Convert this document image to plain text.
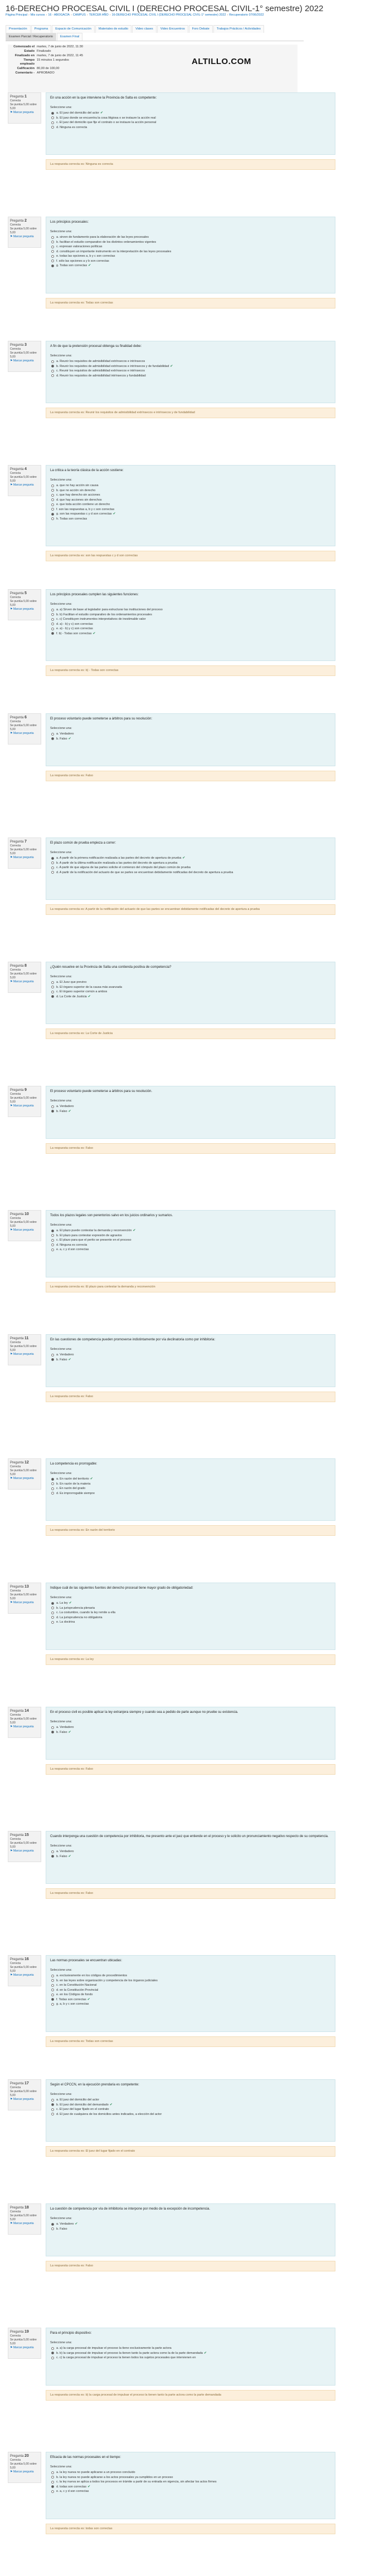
16-DERECHO PROCESAL CIVIL I (DERECHO PROCESAL CIVIL-1° semestre) 2022
Página Principal › Mis cursos › 16 - ABOGACÍA › CAMPUS › TERCER AÑO › 16-DERECHO PROCESAL CIVIL I (DERECHO PROCESAL CIVIL-1° semestre) 2022 › Recuperatorio 07/06/2022
Presentación	Programa	Espacio de Comunicación	Materiales de estudio	Video clases	Video Encuentros	Foro Debate	Trabajos Prácticos / Actividades
Examen Parcial / Recuperatorio	Examen Final
Comenzado el	martes, 7 de junio de 2022, 11:30
Estado	Finalizado
Finalizado en	martes, 7 de junio de 2022, 11:45
Tiempo empleado	15 minutos 1 segundos
Calificación	80,00 de 100,00
Comentario -	APROBADO
ALTILLO.COM
Pregunta 1
Correcta
Se puntúa 5,00 sobre 5,00
⚑ Marcar pregunta
En una acción en la que interviene la Provincia de Salta es competente:
Seleccione una:
a. El juez del domicilio del actor ✔
b. El juez donde se encuentra la cosa litigiosa o se instaure la acción real
c. El juez del domicilio que fije el contrato o se instaure la acción personal
d. Ninguna es correcta
La respuesta correcta es: Ninguna es correcta
Pregunta 2
Correcta
Se puntúa 5,00 sobre 5,00
⚑ Marcar pregunta
Los principios procesales:
Seleccione una:
a. sirven de fundamento para la elaboración de las leyes procesales
b. facilitan el estudio comparativo de los distintos ordenamientos vigentes
c. expresan valoraciones políticas
d. constituyen un importante instrumento en la interpretación de las leyes procesales
e. todas las opciones a, b y c son correctas
f. sólo las opciones a y b son correctas
g. Todas son correctas ✔
La respuesta correcta es: Todas son correctas
Pregunta 3
Correcta
Se puntúa 5,00 sobre 5,00
⚑ Marcar pregunta
A fin de que la pretensión procesal obtenga su finalidad debe:
Seleccione una:
a. Reunir los requisitos de admisibilidad extrínsecos e intrínsecos
b. Reunir los requisitos de admisibilidad extrínsecos e intrínsecos y de fundabilidad ✔
c. Reunir los requisitos de admisibilidad extrínsecos e intrínsecos
d. Reunir los requisitos de admisibilidad intrínsecos y fundabilidad
La respuesta correcta es: Reunir los requisitos de admisibilidad extrínsecos e intrínsecos y de fundabilidad
Pregunta 4
Correcta
Se puntúa 5,00 sobre 5,00
⚑ Marcar pregunta
La critica a la teoría clásica de la acción sostiene:
Seleccione una:
a. que no hay acción sin causa
b. que no acción sin derecho
c. que hay derecho sin acciones
d. que hay acciones sin derechos
e. que toda acción contiene un derecho
f. son las respuestas a, b y c son correctas
g. son las respuestas c y d son correctas ✔
h. Todas son correctas
La respuesta correcta es: son las respuestas c y d son correctas
Pregunta 5
Correcta
Se puntúa 5,00 sobre 5,00
⚑ Marcar pregunta
Los principios procesales cumplen las siguientes funciones:
Seleccione una:
a. a) Sirven de base al legislador para estructurar las instituciones del proceso
b. b) Facilitan el estudio comparativo de los ordenamientos procesales
c. c) Constituyen instrumentos interpretativos de inestimable valor
d. a) - b) y c) son correctas
e. a) - b) y c) son correctas
f. b) - Todas son correctas ✔
La respuesta correcta es: b) - Todas son correctas
Pregunta 6
Correcta
Se puntúa 5,00 sobre 5,00
⚑ Marcar pregunta
El proceso voluntario puede someterse a árbitros para su resolución:
Seleccione una:
a. Verdadero
b. Falso ✔
La respuesta correcta es: Falso
Pregunta 7
Correcta
Se puntúa 5,00 sobre 5,00
⚑ Marcar pregunta
El plazo común de prueba empieza a correr:
Seleccione una:
a. A partir de la primera notificación realizada a las partes del decreto de apertura de prueba ✔
b. A partir de la última notificación realizada a las partes del decreto de apertura a prueba
c. A partir de que alguna de las partes solicite el comienzo del cómputo del plazo común de prueba
d. A partir de la notificación del actuario de que se partes se encuentran debidamente notificadas del decreto de apertura a prueba
La respuesta correcta es: A partir de la notificación del actuario de que las partes se encuentran debidamente notificadas del decreto de apertura a prueba
Pregunta 8
Correcta
Se puntúa 5,00 sobre 5,00
⚑ Marcar pregunta
¿Quién resuelve en la Provincia de Salta una contienda positiva de competencia?
Seleccione una:
a. El Juez que previno
b. El órgano superior de la causa más avanzada
c. El órgano superior común a ambos
d. La Corte de Justicia ✔
La respuesta correcta es: La Corte de Justicia
Pregunta 9
Correcta
Se puntúa 5,00 sobre 5,00
⚑ Marcar pregunta
El proceso voluntario puede someterse a árbitros para su resolución.
Seleccione una:
a. Verdadero
b. Falso ✔
La respuesta correcta es: Falso
Pregunta 10
Correcta
Se puntúa 5,00 sobre 5,00
⚑ Marcar pregunta
Todos los plazos legales son perentorios salvo en los juicios ordinarios y sumarios.
Seleccione una:
a. El plazo puede contestar la demanda y reconvención ✔
b. El plazo para contestar expresión de agravios
c. El plazo para que el perito se presente en el proceso
d. Ninguna es correcta
e. a, c y d son correctas
La respuesta correcta es: El plazo para contestar la demanda y reconvención
Pregunta 11
Correcta
Se puntúa 5,00 sobre 5,00
⚑ Marcar pregunta
En las cuestiones de competencia pueden promoverse indistintamente por vía declinatoria como por inhibitoria:
Seleccione una:
a. Verdadero
b. Falso ✔
La respuesta correcta es: Falso
Pregunta 12
Correcta
Se puntúa 5,00 sobre 5,00
⚑ Marcar pregunta
La competencia es prorrogable:
Seleccione una:
a. En razón del territorio ✔
b. En razón de la materia
c. En razón del grado
d. Es improrrogable siempre
La respuesta correcta es: En razón del territorio
Pregunta 13
Correcta
Se puntúa 5,00 sobre 5,00
⚑ Marcar pregunta
Indique cuál de las siguientes fuentes del derecho procesal tiene mayor grado de obligatoriedad:
Seleccione una:
a. La ley ✔
b. La jurisprudencia plenaria
c. La costumbre, cuando la ley remite a ella
d. La jurisprudencia no obligatoria
e. La doctrina
La respuesta correcta es: La ley
Pregunta 14
Correcta
Se puntúa 5,00 sobre 5,00
⚑ Marcar pregunta
En el proceso civil es posible aplicar la ley extranjera siempre y cuando sea a pedido de parte aunque no pruebe su existencia.
Seleccione una:
a. Verdadero
b. Falso ✔
La respuesta correcta es: Falso
Pregunta 15
Correcta
Se puntúa 5,00 sobre 5,00
⚑ Marcar pregunta
Cuando interponga una cuestión de competencia por inhibitoria, me presento ante el juez que entiende en el proceso y le solicito un pronunciamiento negativo respecto de su competencia.
Seleccione una:
a. Verdadero
b. Falso ✔
La respuesta correcta es: Falso
Pregunta 16
Correcta
Se puntúa 5,00 sobre 5,00
⚑ Marcar pregunta
Las normas procesales se encuentran ubicadas:
Seleccione una:
a. exclusivamente en los códigos de procedimientos
b. en las leyes sobre organización y competencia de los órganos judiciales
c. en la Constitución Nacional
d. en la Constitución Provincial
e. en los Códigos de fondo
f. Todas son correctas ✔
g. a, b y c son correctas
La respuesta correcta es: Todas son correctas
Pregunta 17
Correcta
Se puntúa 5,00 sobre 5,00
⚑ Marcar pregunta
Según el CPCCN, en la ejecución prendaria es competente:
Seleccione una:
a. El juez del domicilio del actor
b. El juez del domicilio del demandado ✔
c. El juez del lugar fijado en el contrato
d. El juez de cualquiera de los domicilios antes indicados, a elección del actor
La respuesta correcta es: El juez del lugar fijado en el contrato
Pregunta 18
Correcta
Se puntúa 5,00 sobre 5,00
⚑ Marcar pregunta
La cuestión de competencia por vía de inhibitoria se interpone por medio de la excepción de incompetencia.
Seleccione una:
a. Verdadero ✔
b. Falso
La respuesta correcta es: Falso
Pregunta 19
Correcta
Se puntúa 5,00 sobre 5,00
⚑ Marcar pregunta
Para el principio dispositivo:
Seleccione una:
a. a) la carga procesal de impulsar el proceso la tiene exclusivamente la parte actora
b. b) la carga procesal de impulsar el proceso la tienen tanto la parte actora como la de la parte demandada ✔
c. c) la carga procesal de impulsar el proceso la tienen todos los sujetos procesales que intervienen en
La respuesta correcta es: b) la carga procesal de impulsar el proceso la tienen tanto la parte actora como la parte demandada
Pregunta 20
Correcta
Se puntúa 5,00 sobre 5,00
⚑ Marcar pregunta
Eficacia de las normas procesales en el tiempo:
Seleccione una:
a. la ley nueva no puede aplicarse a un proceso concluido
b. la ley nueva no puede aplicarse a los actos procesales ya cumplidos en un proceso
c. la ley nueva se aplica a todos los procesos en trámite a partir de su entrada en vigencia, sin afectar los actos firmes
d. todas son correctas ✔
e. a, c y d son correctas
La respuesta correcta es: todas son correctas
